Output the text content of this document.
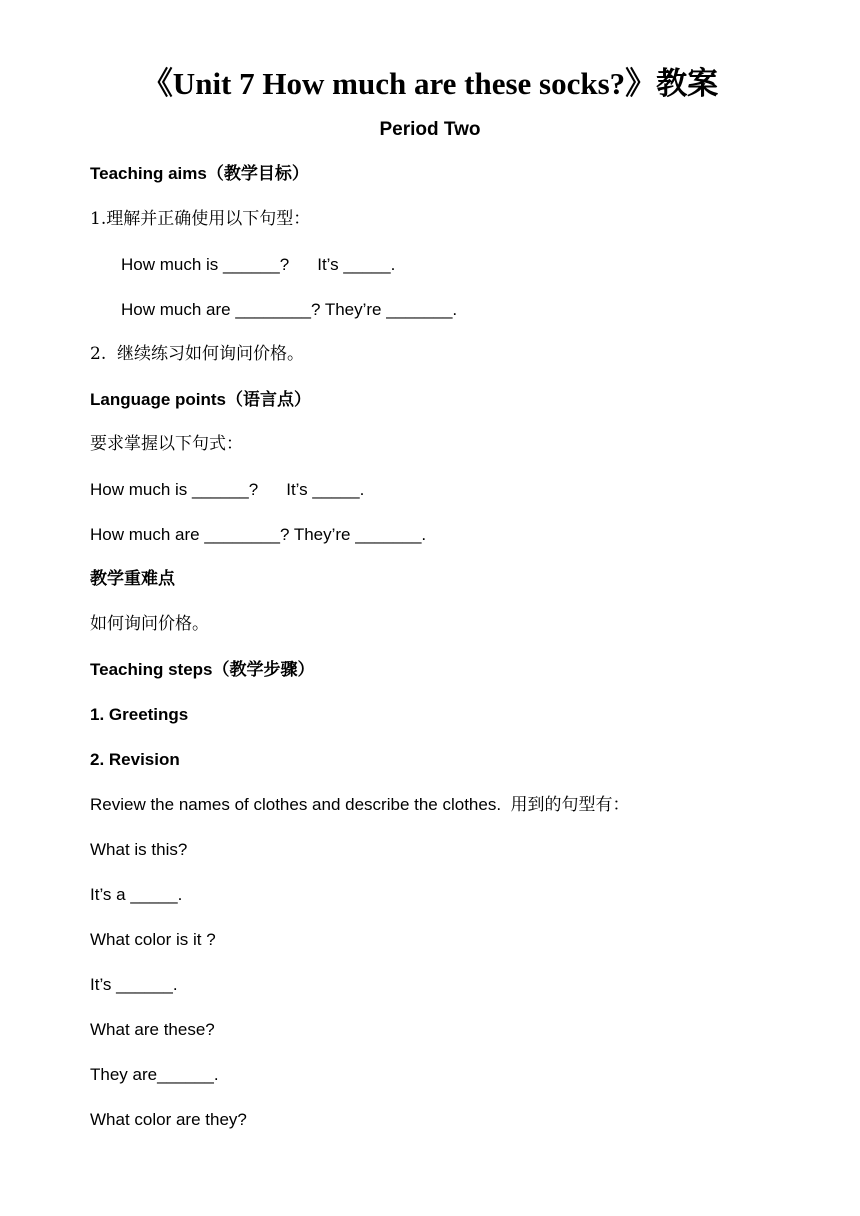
《Unit 7 How much are these socks?》教案
Period Two
Teaching aims（教学目标）
1.理解并正确使用以下句型：
How much is ______? It’s _____.
How much are ________? They’re _______.
2.  继续练习如何询问价格。
Language points（语言点）
要求掌握以下句式：
How much is ______? It’s _____.
How much are ________? They’re _______.
教学重难点
如何询问价格。
Teaching steps（教学步骤）
1. Greetings
2. Revision
Review the names of clothes and describe the clothes.  用到的句型有：
What is this?
It’s a _____.
What color is it ?
It’s ______.
What are these?
They are______.
What color are they?
